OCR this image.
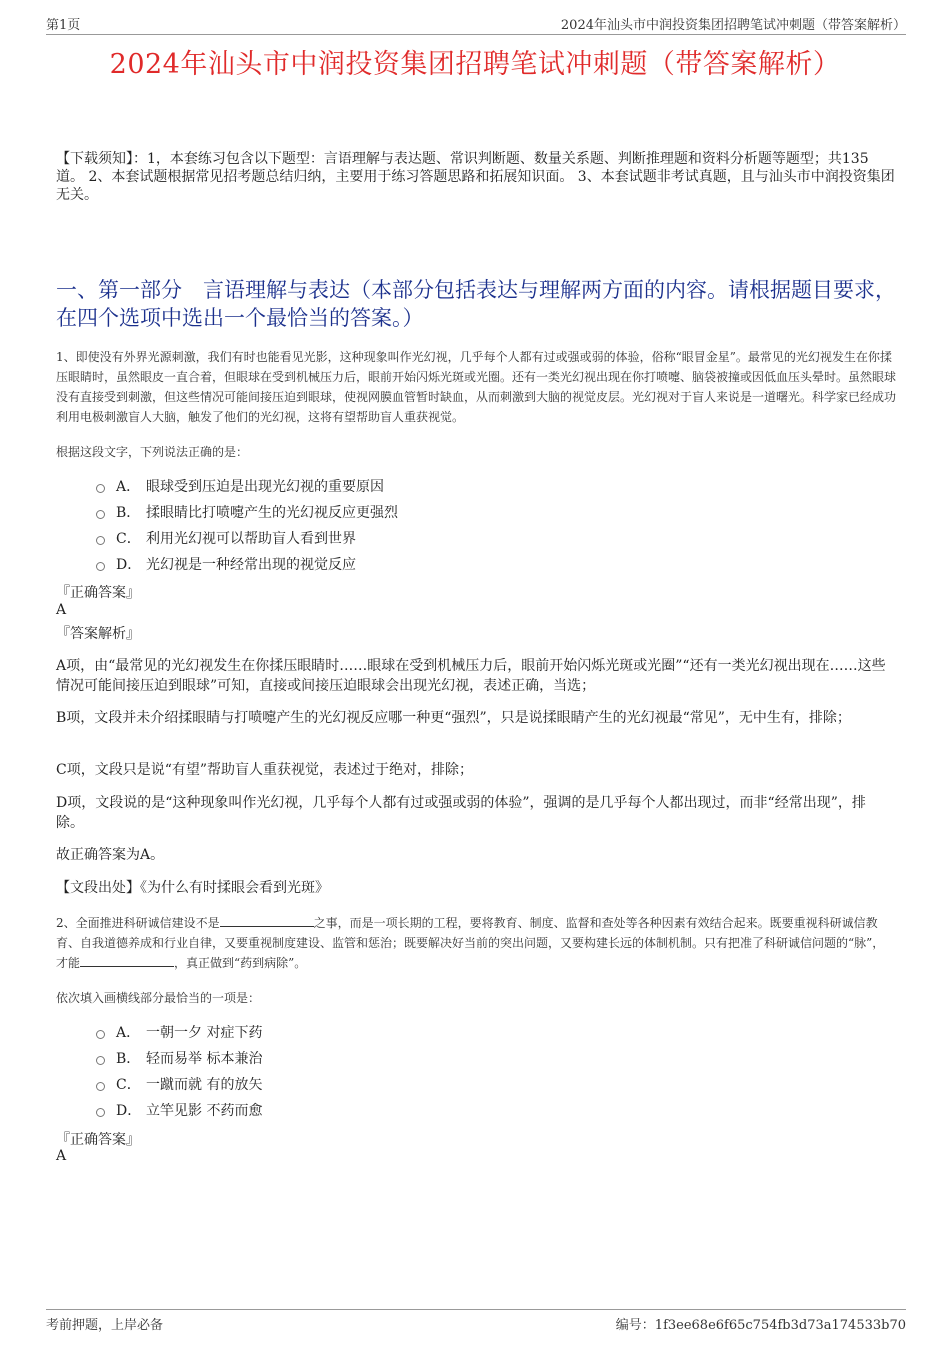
第1页	2024年汕头市中润投资集团招聘笔试冲刺题（带答案解析）
2024年汕头市中润投资集团招聘笔试冲刺题（带答案解析）
【下载须知】：1，本套练习包含以下题型：言语理解与表达题、常识判断题、数量关系题、判断推理题和资料分析题等题型；共135道。 2、本套试题根据常见招考题总结归纳，主要用于练习答题思路和拓展知识面。 3、本套试题非考试真题，且与汕头市中润投资集团无关。
一、第一部分　言语理解与表达（本部分包括表达与理解两方面的内容。请根据题目要求，在四个选项中选出一个最恰当的答案。）
1、即使没有外界光源刺激，我们有时也能看见光影，这种现象叫作光幻视，几乎每个人都有过或强或弱的体验，俗称“眼冒金星”。最常见的光幻视发生在你揉压眼睛时，虽然眼皮一直合着，但眼球在受到机械压力后，眼前开始闪烁光斑或光圈。还有一类光幻视出现在你打喷嚏、脑袋被撞或因低血压头晕时。虽然眼球没有直接受到刺激，但这些情况可能间接压迫到眼球，使视网膜血管暂时缺血，从而刺激到大脑的视觉皮层。光幻视对于盲人来说是一道曙光。科学家已经成功利用电极刺激盲人大脑，触发了他们的光幻视，这将有望帮助盲人重获视觉。
根据这段文字，下列说法正确的是：
A． 眼球受到压迫是出现光幻视的重要原因
B． 揉眼睛比打喷嚏产生的光幻视反应更强烈
C． 利用光幻视可以帮助盲人看到世界
D． 光幻视是一种经常出现的视觉反应
『正确答案』
A
『答案解析』
A项，由“最常见的光幻视发生在你揉压眼睛时……眼球在受到机械压力后，眼前开始闪烁光斑或光圈”“还有一类光幻视出现在……这些情况可能间接压迫到眼球”可知，直接或间接压迫眼球会出现光幻视，表述正确，当选；
B项，文段并未介绍揉眼睛与打喷嚏产生的光幻视反应哪一种更“强烈”，只是说揉眼睛产生的光幻视最“常见”，无中生有，排除；
C项，文段只是说“有望”帮助盲人重获视觉，表述过于绝对，排除；
D项，文段说的是“这种现象叫作光幻视，几乎每个人都有过或强或弱的体验”，强调的是几乎每个人都出现过，而非“经常出现”，排除。
故正确答案为A。
【文段出处】《为什么有时揉眼会看到光斑》
2、全面推进科研诚信建设不是	之事，而是一项长期的工程，要将教育、制度、监督和查处等各种因素有效结合起来。既要重视科研诚信教育、自我道德养成和行业自律，又要重视制度建设、监管和惩治；既要解决好当前的突出问题，又要构建长远的体制机制。只有把准了科研诚信问题的“脉”，才能	，真正做到“药到病除”。
依次填入画横线部分最恰当的一项是：
A． 一朝一夕 对症下药
B． 轻而易举 标本兼治
C． 一蹴而就 有的放矢
D． 立竿见影 不药而愈
『正确答案』
A
考前押题，上岸必备	编号：1f3ee68e6f65c754fb3d73a174533b70
